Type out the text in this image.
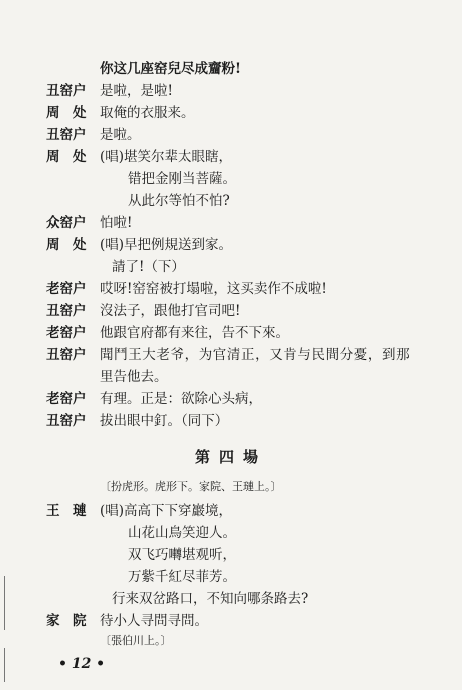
你这几座窑兒尽成齏粉!
丑窑户 是啦，是啦!
周　处 取俺的衣服来。
丑窑户 是啦。
周　处 (唱)堪笑尔辈太眼瞎，
错把金刚当菩薩。
从此尔等怕不怕?
众窑户 怕啦!
周　处 (唱)早把例規送到家。
請了!（下）
老窑户 哎呀!窑窑被打塌啦，这买卖作不成啦!
丑窑户 沒法子，跟他打官司吧!
老窑户 他跟官府都有来往，告不下來。
丑窑户 聞鬥王大老爷，为官清正，又肯与民間分憂，到那
里告他去。
老窑户 有理。正是：欲除心头病，
丑窑户 拔出眼中釘。（同下）
第四場
〔扮虎形。虎形下。家院、王璉上。〕
王　璉 (唱)高高下下穿巖境，
山花山鳥笑迎人。
双飞巧囀堪观听，
万紫千紅尽菲芳。
行来双岔路口，不知向哪条路去?
家　院 待小人寻問寻問。
〔張伯川上。〕
• 12 •
